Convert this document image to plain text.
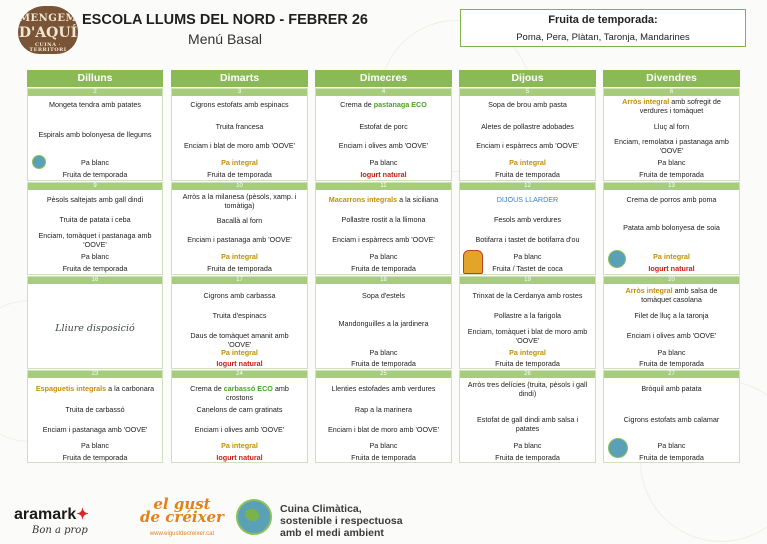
MENGEM
D'AQUÍ
CUINA · TERRITORI
ESCOLA LLUMS DEL NORD - FEBRER 26
Menú Basal
Fruita de temporada:
Poma, Pera, Plàtan, Taronja, Mandarines
Dilluns	Dimarts	Dimecres	Dijous	Divendres
2
Mongeta tendra amb patates
Espirals amb bolonyesa de llegums
Pa blanc
Fruita de temporada
3
Cigrons estofats amb espinacs
Truita francesa
Enciam i blat de moro amb 'OOVE'
Pa integral
Fruita de temporada
4
Crema de pastanaga ECO
Estofat de porc
Enciam i olives amb 'OOVE'
Pa blanc
Iogurt natural
5
Sopa de brou amb pasta
Aletes de pollastre adobades
Enciam i espàrrecs amb 'OOVE'
Pa integral
Fruita de temporada
6
Arròs integral amb sofregit de verdures i tomàquet
Lluç al forn
Enciam, remolatxa i pastanaga amb 'OOVE'
Pa blanc
Fruita de temporada
9
Pèsols saltejats amb gall dindi
Truita de patata i ceba
Enciam, tomàquet i pastanaga amb 'OOVE'
Pa blanc
Fruita de temporada
10
Arròs a la milanesa (pèsols, xamp. i tomàtiga)
Bacallà al forn
Enciam i pastanaga amb 'OOVE'
Pa integral
Fruita de temporada
11
Macarrons integrals a la siciliana
Pollastre rostit a la llimona
Enciam i espàrrecs amb 'OOVE'
Pa blanc
Fruita de temporada
12
DIJOUS LLARDER
Fesols amb verdures
Botifarra i tastet de botifarra d'ou
Pa blanc
Fruita / Tastet de coca
13
Crema de porros amb poma
Patata amb bolonyesa de soia
Pa integral
Iogurt natural
16
Lliure disposició
17
Cigrons amb carbassa
Truita d'espinacs
Daus de tomàquet amanit amb 'OOVE'
Pa integral
Iogurt natural
18
Sopa d'estels
Mandonguilles a la jardinera
Pa blanc
Fruita de temporada
19
Trinxat de la Cerdanya amb rostes
Pollastre a la farigola
Enciam, tomàquet i blat de moro amb 'OOVE'
Pa integral
Fruita de temporada
20
Arròs integral amb salsa de tomàquet casolana
Filet de lluç a la taronja
Enciam i olives amb 'OOVE'
Pa blanc
Fruita de temporada
23
Espaguetis integrals a la carbonara
Truita de carbassó
Enciam i pastanaga amb 'OOVE'
Pa blanc
Fruita de temporada
24
Crema de carbassó ECO amb crostons
Canelons de carn gratinats
Enciam i olives amb 'OOVE'
Pa integral
Iogurt natural
25
Llenties estofades amb verdures
Rap a la marinera
Enciam i blat de moro amb 'OOVE'
Pa blanc
Fruita de temporada
26
Arròs tres delícies (truita, pèsols i gall dindi)
Estofat de gall dindi amb salsa i patates
Pa blanc
Fruita de temporada
27
Bròquil amb patata
Cigrons estofats amb calamar
Pa blanc
Fruita de temporada
aramark✦
Bon a prop
el gust
de créixer
www.elgustdecreixer.cat
Cuina Climàtica,
sostenible i respectuosa
amb el medi ambient
